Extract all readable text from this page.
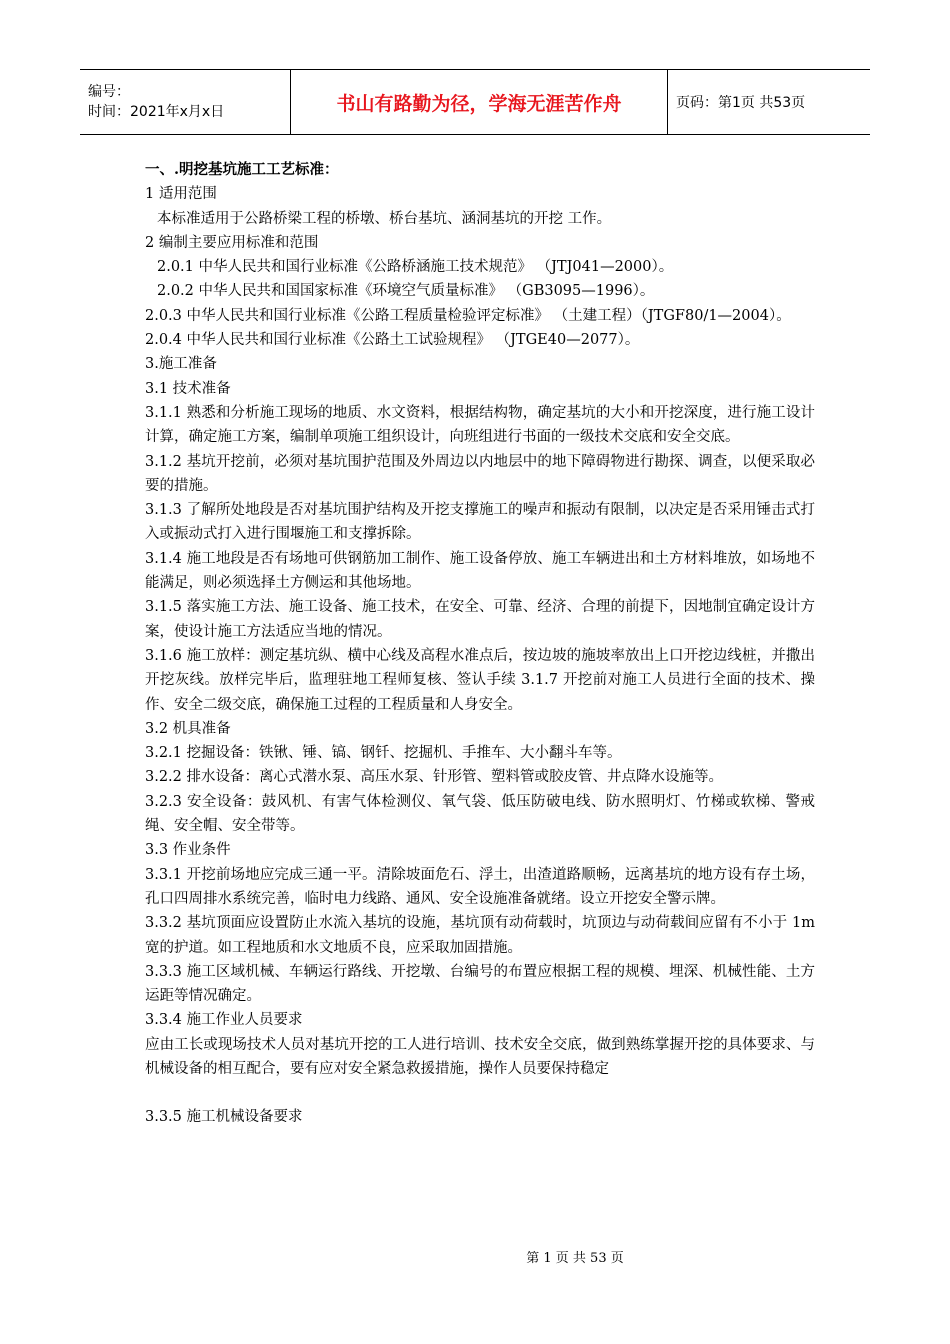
编号：
时间：2021年x月x日	书山有路勤为径，学海无涯苦作舟	页码：第1页 共53页

一、.明挖基坑施工工艺标准：

1 适用范围

本标准适用于公路桥梁工程的桥墩、桥台基坑、涵洞基坑的开挖 工作。

2 编制主要应用标准和范围

2.0.1 中华人民共和国行业标准《公路桥涵施工技术规范》 （JTJ041—2000）。

2.0.2 中华人民共和国国家标准《环境空气质量标准》 （GB3095—1996）。

2.0.3 中华人民共和国行业标准《公路工程质量检验评定标准》 （土建工程）（JTGF80/1—2004）。

2.0.4 中华人民共和国行业标准《公路土工试验规程》 （JTGE40—2077）。

3.施工准备

3.1 技术准备

3.1.1 熟悉和分析施工现场的地质、水文资料，根据结构物，确定基坑的大小和开挖深度，进行施工设计计算，确定施工方案，编制单项施工组织设计，向班组进行书面的一级技术交底和安全交底。

3.1.2 基坑开挖前，必须对基坑围护范围及外周边以内地层中的地下障碍物进行勘探、调查，以便采取必要的措施。

3.1.3 了解所处地段是否对基坑围护结构及开挖支撑施工的噪声和振动有限制，以决定是否采用锤击式打入或振动式打入进行围堰施工和支撑拆除。

3.1.4 施工地段是否有场地可供钢筋加工制作、施工设备停放、施工车辆进出和土方材料堆放，如场地不能满足，则必须选择土方侧运和其他场地。

3.1.5 落实施工方法、施工设备、施工技术，在安全、可靠、经济、合理的前提下，因地制宜确定设计方案，使设计施工方法适应当地的情况。

3.1.6 施工放样：测定基坑纵、横中心线及高程水准点后，按边坡的施坡率放出上口开挖边线桩，并撒出开挖灰线。放样完毕后，监理驻地工程师复核、签认手续 3.1.7 开挖前对施工人员进行全面的技术、操作、安全二级交底，确保施工过程的工程质量和人身安全。

3.2 机具准备

3.2.1 挖掘设备：铁锹、锤、镐、钢钎、挖掘机、手推车、大小翻斗车等。

3.2.2 排水设备：离心式潜水泵、高压水泵、针形管、塑料管或胶皮管、井点降水设施等。

3.2.3 安全设备：鼓风机、有害气体检测仪、氧气袋、低压防破电线、防水照明灯、竹梯或软梯、警戒绳、安全帽、安全带等。

3.3 作业条件

3.3.1 开挖前场地应完成三通一平。清除坡面危石、浮土，出渣道路顺畅，远离基坑的地方设有存土场，孔口四周排水系统完善，临时电力线路、通风、安全设施准备就绪。设立开挖安全警示牌。

3.3.2 基坑顶面应设置防止水流入基坑的设施，基坑顶有动荷载时，坑顶边与动荷载间应留有不小于 1m 宽的护道。如工程地质和水文地质不良，应采取加固措施。

3.3.3 施工区域机械、车辆运行路线、开挖墩、台编号的布置应根据工程的规模、埋深、机械性能、土方运距等情况确定。

3.3.4 施工作业人员要求

应由工长或现场技术人员对基坑开挖的工人进行培训、技术安全交底，做到熟练掌握开挖的具体要求、与机械设备的相互配合，要有应对安全紧急救援措施，操作人员要保持稳定

3.3.5 施工机械设备要求

第 1 页 共 53 页
